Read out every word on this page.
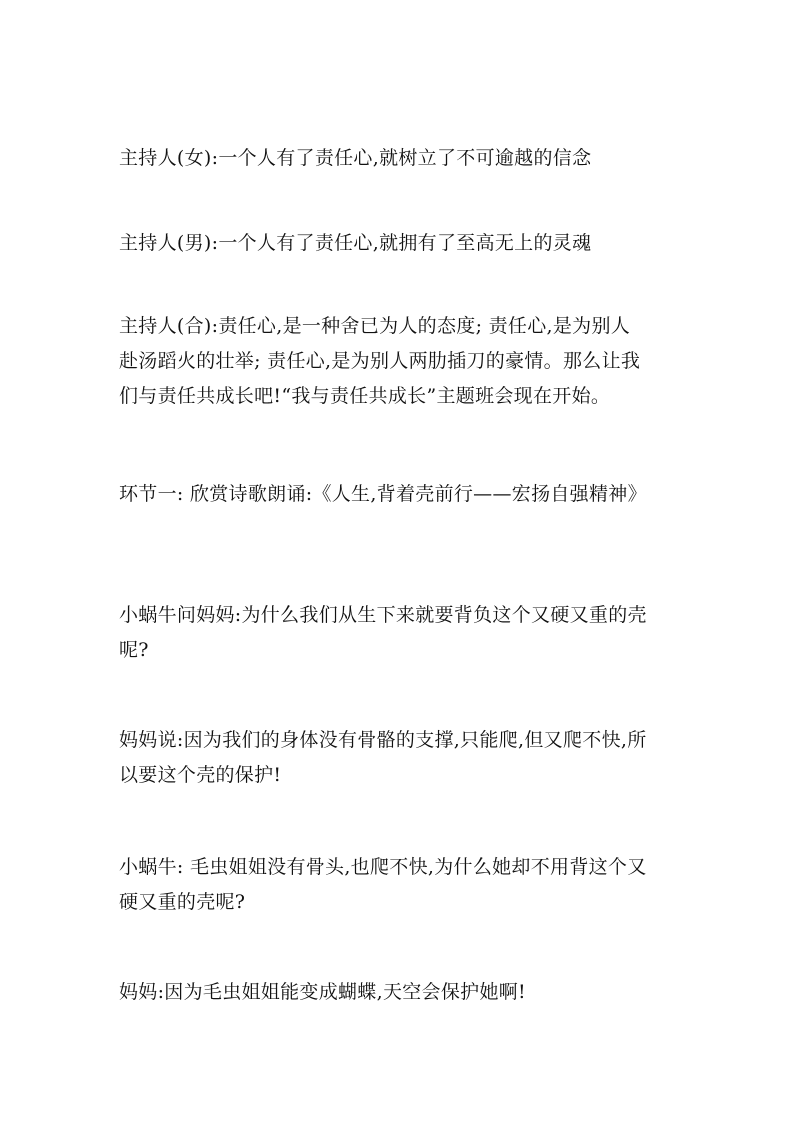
主持人(女):一个人有了责任心,就树立了不可逾越的信念

主持人(男):一个人有了责任心,就拥有了至高无上的灵魂

主持人(合):责任心,是一种舍已为人的态度; 责任心,是为别人
赴汤蹈火的壮举; 责任心,是为别人两肋插刀的豪情。那么让我
们与责任共成长吧!“我与责任共成长”主题班会现在开始。

环节一: 欣赏诗歌朗诵:《人生,背着壳前行——宏扬自强精神》

小蜗牛问妈妈:为什么我们从生下来就要背负这个又硬又重的壳
呢?

妈妈说:因为我们的身体没有骨骼的支撑,只能爬,但又爬不快,所
以要这个壳的保护!

小蜗牛: 毛虫姐姐没有骨头,也爬不快,为什么她却不用背这个又
硬又重的壳呢?

妈妈:因为毛虫姐姐能变成蝴蝶,天空会保护她啊!
